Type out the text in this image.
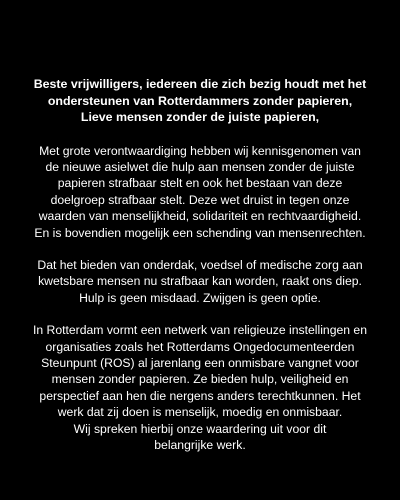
Beste vrijwilligers, iedereen die zich bezig houdt met het
ondersteunen van Rotterdammers zonder papieren,
Lieve mensen zonder de juiste papieren,

Met grote verontwaardiging hebben wij kennisgenomen van
de nieuwe asielwet die hulp aan mensen zonder de juiste
papieren strafbaar stelt en ook het bestaan van deze
doelgroep strafbaar stelt. Deze wet druist in tegen onze
waarden van menselijkheid, solidariteit en rechtvaardigheid.
En is bovendien mogelijk een schending van mensenrechten.

Dat het bieden van onderdak, voedsel of medische zorg aan
kwetsbare mensen nu strafbaar kan worden, raakt ons diep.
Hulp is geen misdaad. Zwijgen is geen optie.

In Rotterdam vormt een netwerk van religieuze instellingen en
organisaties zoals het Rotterdams Ongedocumenteerden
Steunpunt (ROS) al jarenlang een onmisbare vangnet voor
mensen zonder papieren. Ze bieden hulp, veiligheid en
perspectief aan hen die nergens anders terechtkunnen. Het
werk dat zij doen is menselijk, moedig en onmisbaar.
Wij spreken hierbij onze waardering uit voor dit
belangrijke werk.
